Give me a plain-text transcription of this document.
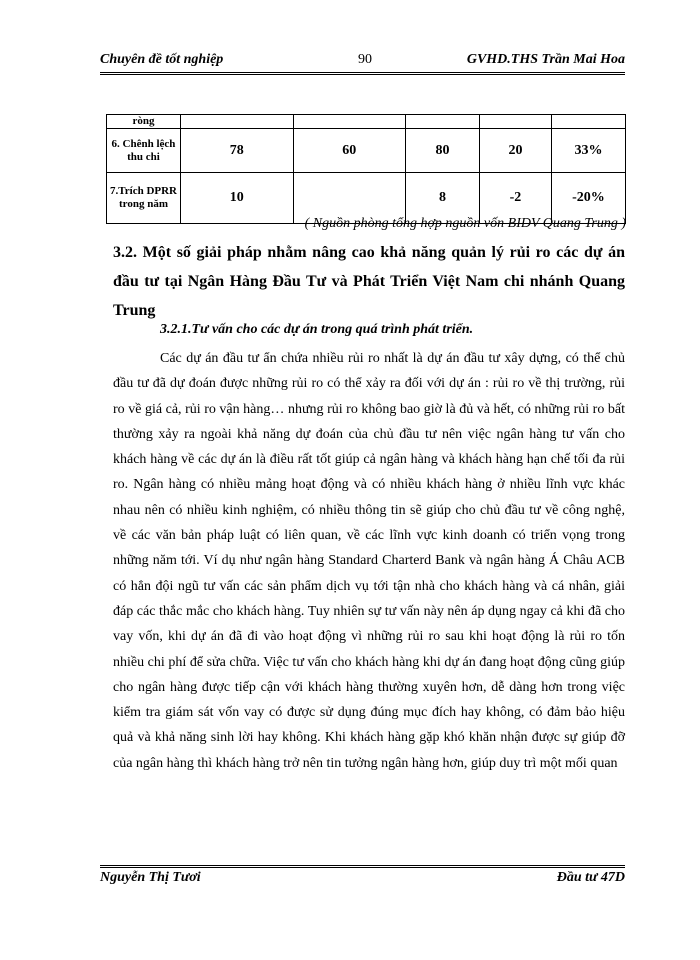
Chuyên đề tốt nghiệp	90	GVHD.THS Trần Mai Hoa
ròng					
6. Chênh lệch thu chi	78	60	80	20	33%
7.Trích DPRR trong năm	10		8	-2	-20%
( Nguồn phòng tổng hợp nguồn vốn BIDV Quang Trung )
3.2. Một số giải pháp nhằm nâng cao khả năng quản lý rủi ro các dự án đầu tư tại Ngân Hàng Đầu Tư và Phát Triển Việt Nam chi nhánh Quang Trung
3.2.1.Tư vấn cho các dự án trong quá trình phát triển.
Các dự án đầu tư ẩn chứa nhiều rủi ro nhất là dự án đầu tư xây dựng, có thể chủ đầu tư đã dự đoán được những rủi ro có thể xảy ra đối với dự án : rủi ro về thị trường, rủi ro về giá cả, rủi ro vận hàng… nhưng rủi ro không bao giờ là đủ và hết, có những rủi ro bất thường xảy ra ngoài khả năng dự đoán của chủ đầu tư nên việc ngân hàng tư vấn cho khách hàng về các dự án là điều rất tốt giúp cả ngân hàng và khách hàng hạn chế tối đa rủi ro. Ngân hàng có nhiều mảng hoạt động và có nhiều khách hàng ở nhiều lĩnh vực khác nhau nên có nhiều kinh nghiệm, có nhiều thông tin sẽ giúp cho chủ đầu tư về công nghệ, về các văn bản pháp luật có liên quan, về các lĩnh vực kinh doanh có triển vọng trong những năm tới. Ví dụ như ngân hàng Standard Charterd Bank và ngân hàng Á Châu ACB có hẳn đội ngũ tư vấn các sản phẩm dịch vụ tới tận nhà cho khách hàng và cá nhân, giải đáp các thắc mắc cho khách hàng. Tuy nhiên sự tư vấn này nên áp dụng ngay cả khi đã cho vay vốn, khi dự án đã đi vào hoạt động vì những rủi ro sau khi hoạt động là rủi ro tốn nhiều chi phí để sửa chữa. Việc tư vấn cho khách hàng khi dự án đang hoạt động cũng giúp cho ngân hàng được tiếp cận với khách hàng thường xuyên hơn, dễ dàng hơn trong việc kiểm tra giám sát vốn vay có được sử dụng đúng mục đích hay không, có đảm bảo hiệu quả và khả năng sinh lời hay không. Khi khách hàng gặp khó khăn nhận được sự giúp đỡ của ngân hàng thì khách hàng trở nên tin tưởng ngân hàng hơn, giúp duy trì một mối quan
Nguyễn Thị Tươi	Đầu tư 47D
